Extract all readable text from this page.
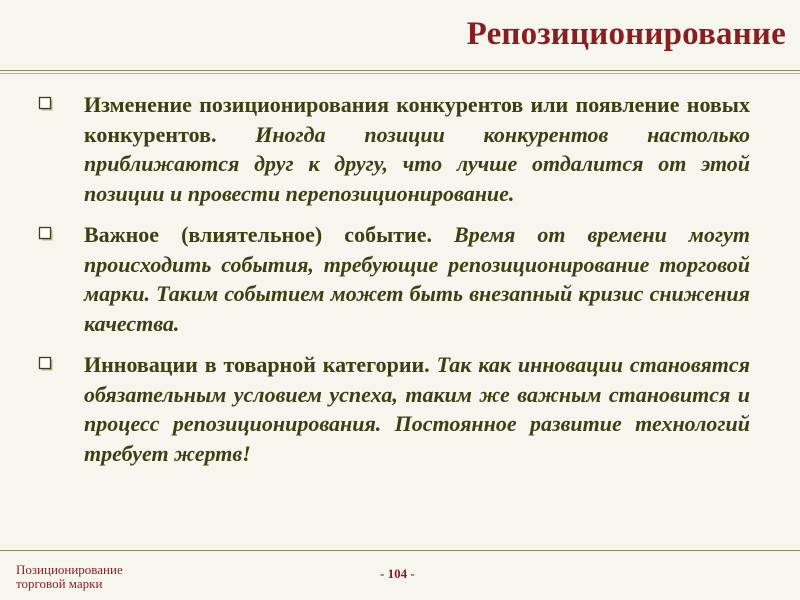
Репозиционирование
Изменение позиционирования конкурентов или появление новых конкурентов. Иногда позиции конкурентов настолько приближаются друг к другу, что лучше отдалится от этой позиции и провести перепозиционирование.
Важное (влиятельное) событие. Время от времени могут происходить события, требующие репозиционирование торговой марки. Таким событием может быть внезапный кризис снижения качества.
Инновации в товарной категории. Так как инновации становятся обязательным условием успеха, таким же важным становится и процесс репозиционирования. Постоянное развитие технологий требует жертв!
Позиционирование
торговой марки
- 104 -
